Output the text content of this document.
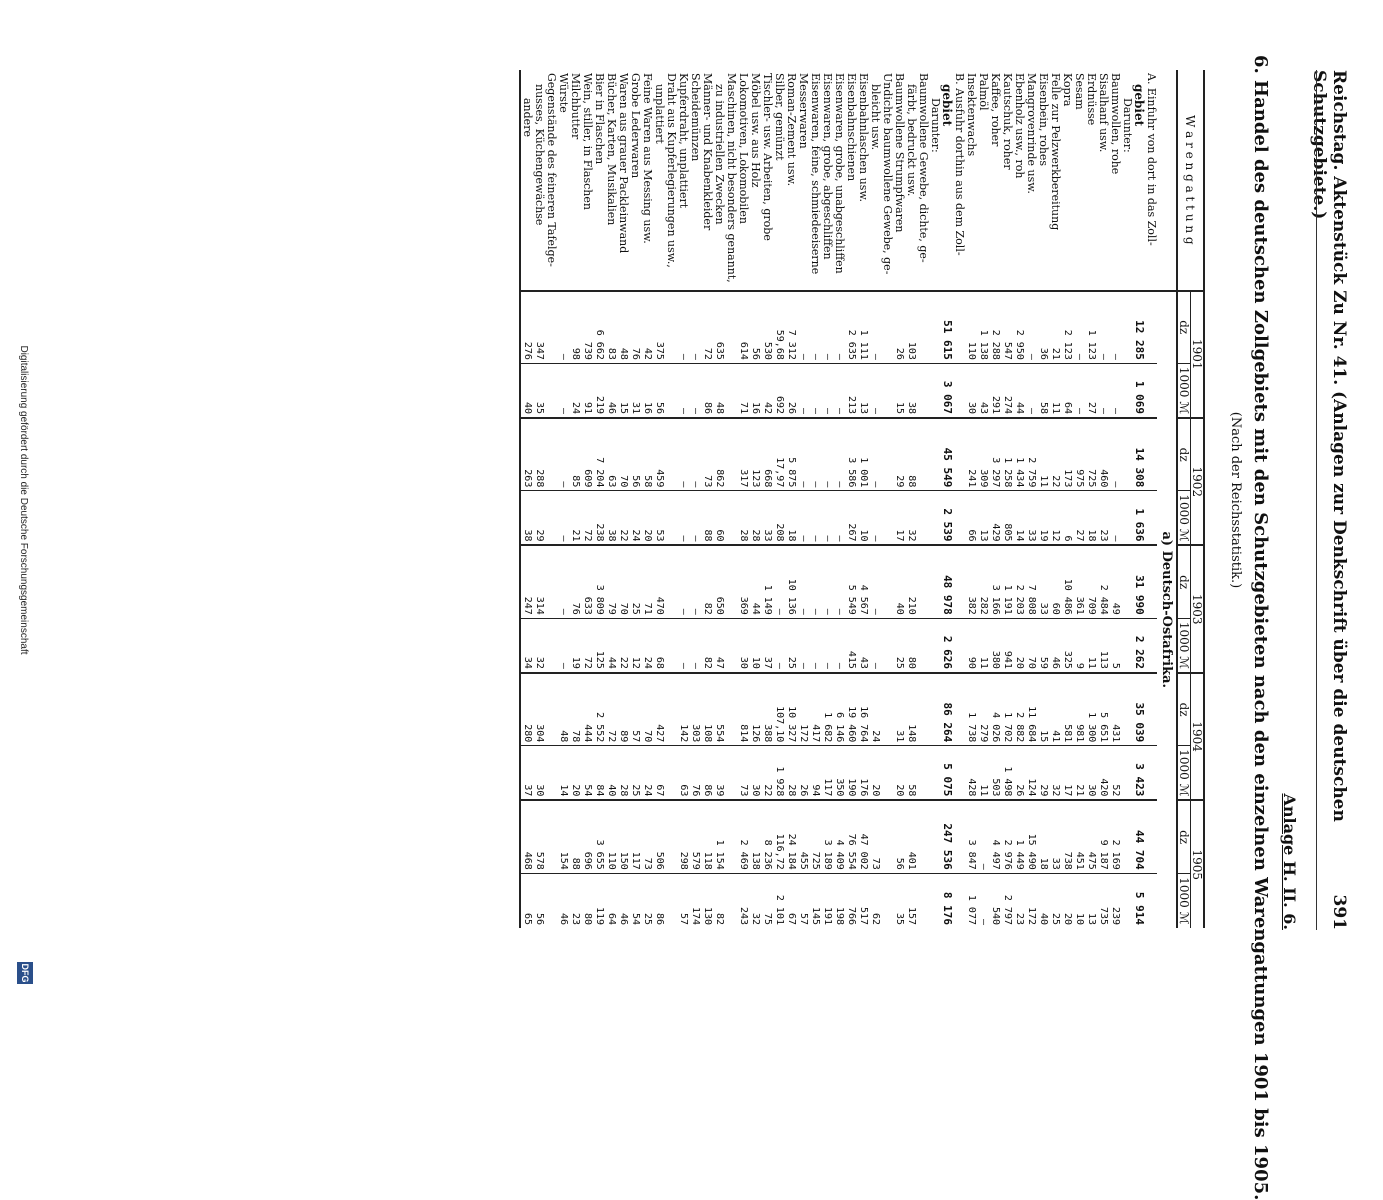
Reichstag. Aktenstück Zu Nr. 41. (Anlagen zur Denkschrift über die deutschen Schutzgebiete.)
391
Anlage H. II. 6.
6. Handel des deutschen Zollgebiets mit den Schutzgebieten nach den einzelnen Warengattungen 1901 bis 1905.
(Nach der Reichsstatistik.)
W a r e n g a t t u n g	1901		1902		1903		1904		1905	
	dz	1000 ℳ	dz	1000 ℳ	dz	1000 ℳ	dz	1000 ℳ	dz	1000 ℳ
	a) Deutsch-Ostafrika.									
A. Einfuhr von dort in das Zoll-										
gebiet	12 285	1 069	14 308	1 636	31 990	2 262	35 039	3 423	44 704	5 914
Darunter:										
Baumwollen, rohe	—	—	—	—	49	5	431	52	2 169	239
Sisalhanf usw.	—	—	460	23	2 484	113	5 651	420	9 187	735
Erdnüsse	1 123	27	725	18	709	11	1 300	30	475	13
Sesam	—	—	975	27	361	9	981	21	451	10
Kopra	2 123	64	173	6	10 486	325	581	17	738	20
Felle zur Pelzwerkbereitung	21	11	22	12	60	46	41	32	33	25
Eisenbein, rohes	36	58	11	19	33	59	15	29	18	40
Mangrovenrinde usw.	—	—	2 759	33	7 808	70	11 684	124	15 490	172
Ebenholz usw., roh	2 950	44	1 434	14	2 203	20	2 882	26	1 449	23
Kautschuk, roher	547	274	1 258	805	1 191	941	1 702	1 498	2 976	2 797
Kaffee, roher	2 288	291	3 297	429	3 166	380	4 026	503	4 497	540
Palmöl	1 138	43	309	13	282	11	279	11	—	—
Insektenwachs	110	30	241	66	382	90	1 738	428	3 847	1 077
B. Ausfuhr dorthin aus dem Zoll-										
gebiet	51 615	3 067	45 549	2 539	48 978	2 626	86 264	5 075	247 536	8 176
Darunter:										
Baumwollene Gewebe, dichte, ge-										
färbt, bedruckt usw.	103	38	88	32	210	80	148	58	401	157
Baumwollene Strumpfwaren	26	15	29	17	40	25	31	20	56	35
Undichte baumwollene Gewebe, ge-										
bleicht usw.	—	—	—	—	—	—	24	20	73	62
Eisenbahnlaschen usw.	1 111	13	1 001	10	4 567	43	16 764	176	47 002	517
Eisenbahnschienen	2 635	213	3 586	267	5 549	415	19 460	190	76 554	766
Eisenwaren, grobe, unabgeschliffen	—	—	—	—	—	—	6 146	350	4 409	198
Eisenwaren, grobe, abgeschliffen	—	—	—	—	—	—	1 682	117	3 189	191
Eisenwaren, feine, schmiedeeiserne	—	—	—	—	—	—	417	94	725	145
Messerwaren	—	—	—	—	—	—	172	26	455	57
Roman-Zement usw.	7 312	26	5 875	18	10 136	25	10 327	28	24 184	67
Silber, gemünzt	59,68	692	17,97	208	—	—	107,10	1 928	116,72	2 101
Tischler- usw. Arbeiten, grobe	530	42	668	33	1 149	37	388	22	8 236	75
Möbel usw. aus Holz	56	16	123	28	44	10	126	30	138	32
Lokomotiven, Lokomobilen	614	71	317	28	369	30	814	73	2 469	243
Maschinen, nicht besonders genannt,										
zu industriellen Zwecken	635	48	862	60	650	47	554	39	1 154	82
Männer- und Knabenkleider	72	86	73	88	82	82	108	86	118	130
Scheidemünzen	—	—	—	—	—	—	303	76	579	174
Kupferdraht, unplattiert	—	—	—	—	—	—	142	63	298	57
Draht aus Kupferlegierungen usw.,										
unplattiert	375	56	459	53	470	68	427	67	506	86
Feine Waren aus Messing usw.	42	16	58	20	71	24	70	24	73	25
Grobe Lederwaren	76	31	56	24	25	12	57	25	117	54
Waren aus grauer Packleinwand	48	15	70	22	70	22	89	28	150	46
Bücher, Karten, Musikalien	83	46	63	38	79	44	72	40	110	64
Bier in Flaschen	6 662	219	7 204	238	3 809	125	2 552	84	3 655	119
Wein, stiller, in Flaschen	739	91	609	72	633	72	444	54	696	80
Milchbutter	98	24	85	21	76	19	78	20	88	23
Würste	—	—	—	—	—	—	48	14	154	46
Gegenstände des feineren Tafelge-										
nusses, Küchengewächse	347	35	288	29	314	32	304	30	578	56
andere	276	40	263	38	247	34	280	37	468	65
Digitalisierung gefördert durch die Deutsche Forschungsgemeinschaft
DFG
